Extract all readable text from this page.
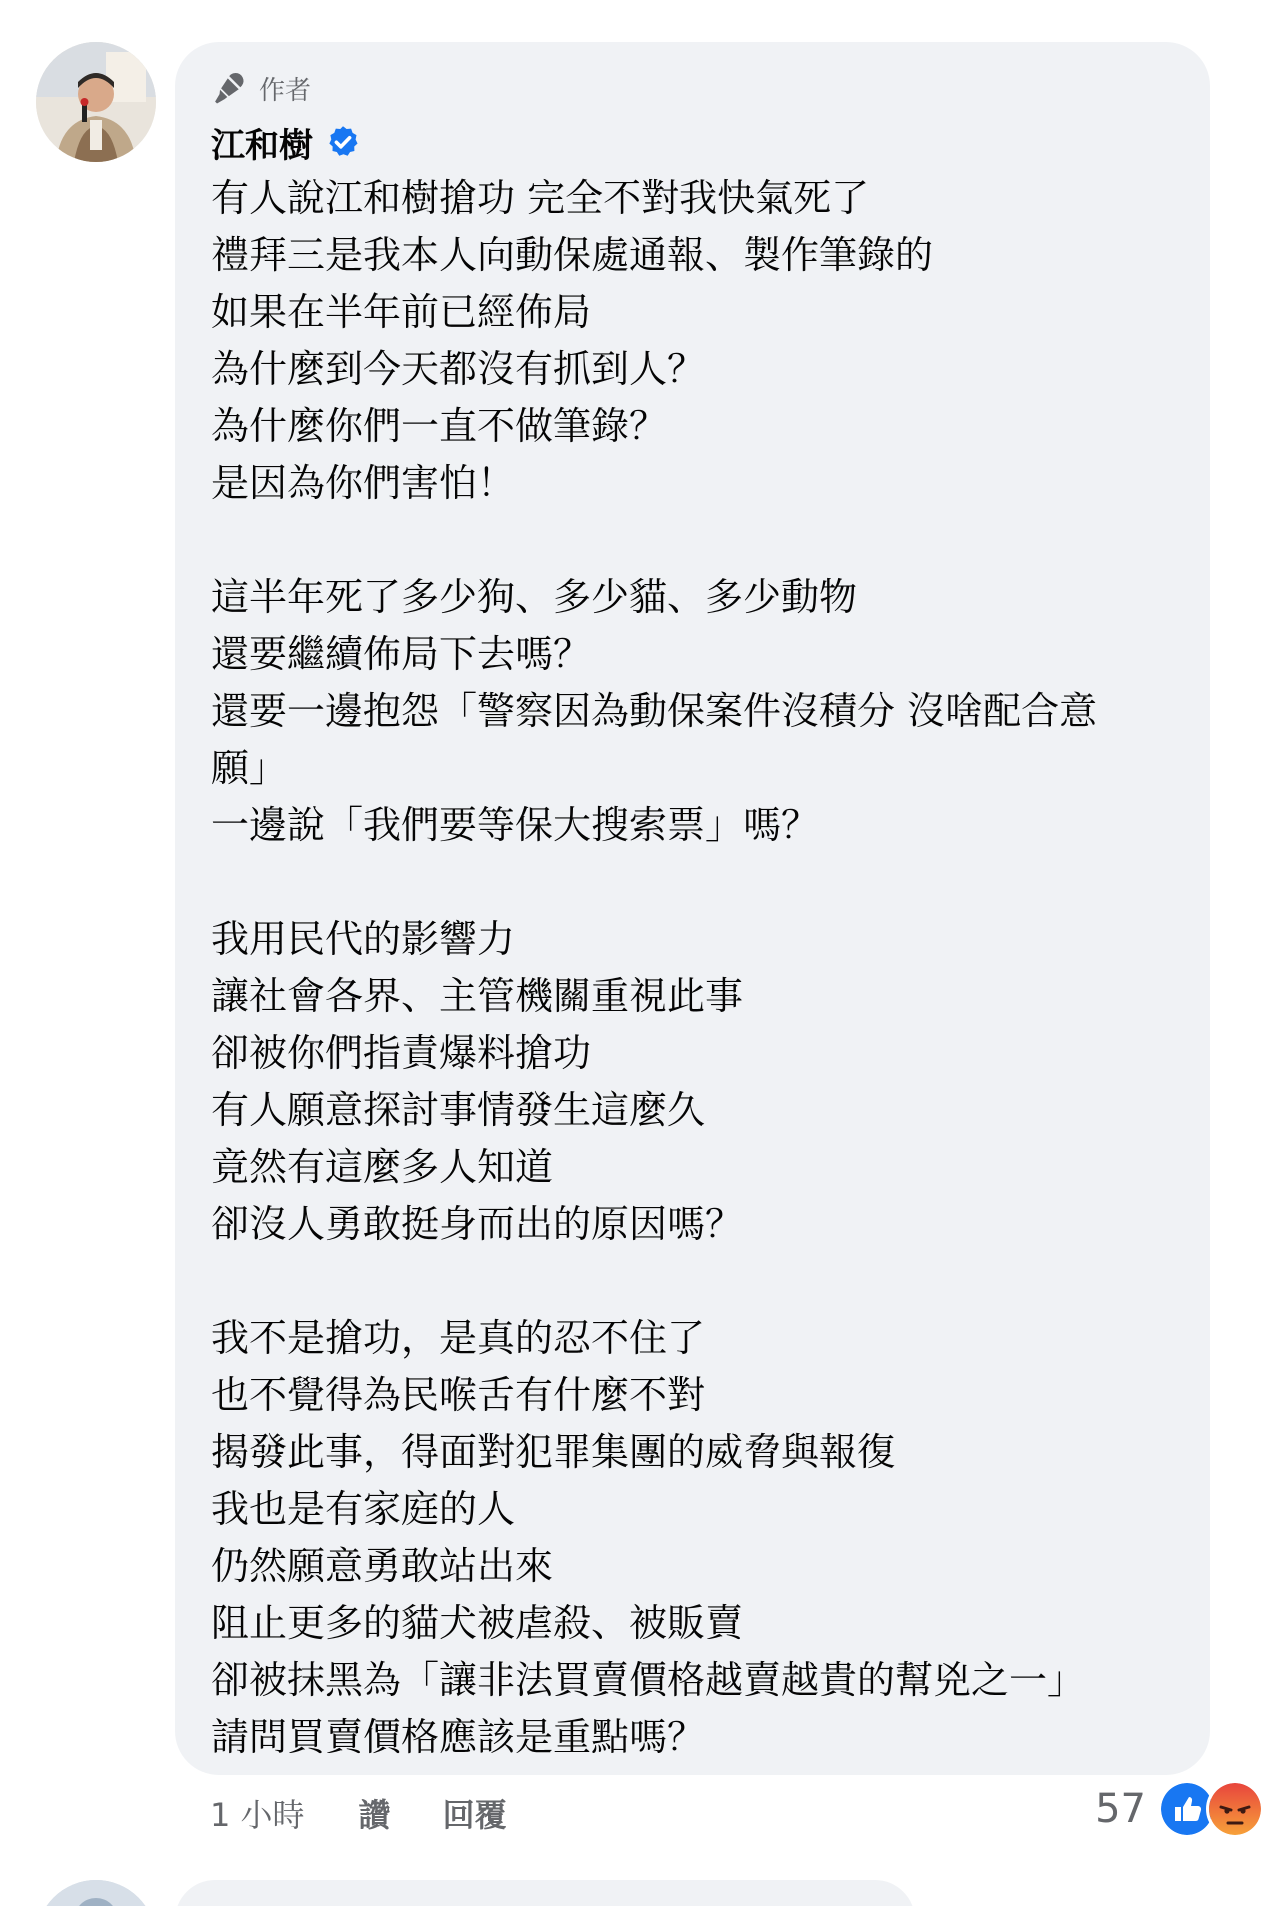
作者
江和樹
有人說江和樹搶功 完全不對我快氣死了
禮拜三是我本人向動保處通報、製作筆錄的
如果在半年前已經佈局
為什麼到今天都沒有抓到人？
為什麼你們一直不做筆錄？
是因為你們害怕！

這半年死了多少狗、多少貓、多少動物
還要繼續佈局下去嗎？
還要一邊抱怨「警察因為動保案件沒積分 沒啥配合意願」
一邊說「我們要等保大搜索票」嗎？

我用民代的影響力
讓社會各界、主管機關重視此事
卻被你們指責爆料搶功
有人願意探討事情發生這麼久
竟然有這麼多人知道
卻沒人勇敢挺身而出的原因嗎？

我不是搶功，是真的忍不住了
也不覺得為民喉舌有什麼不對
揭發此事，得面對犯罪集團的威脅與報復
我也是有家庭的人
仍然願意勇敢站出來
阻止更多的貓犬被虐殺、被販賣
卻被抹黑為「讓非法買賣價格越賣越貴的幫兇之一」
請問買賣價格應該是重點嗎？
1 小時 讚 回覆	57
